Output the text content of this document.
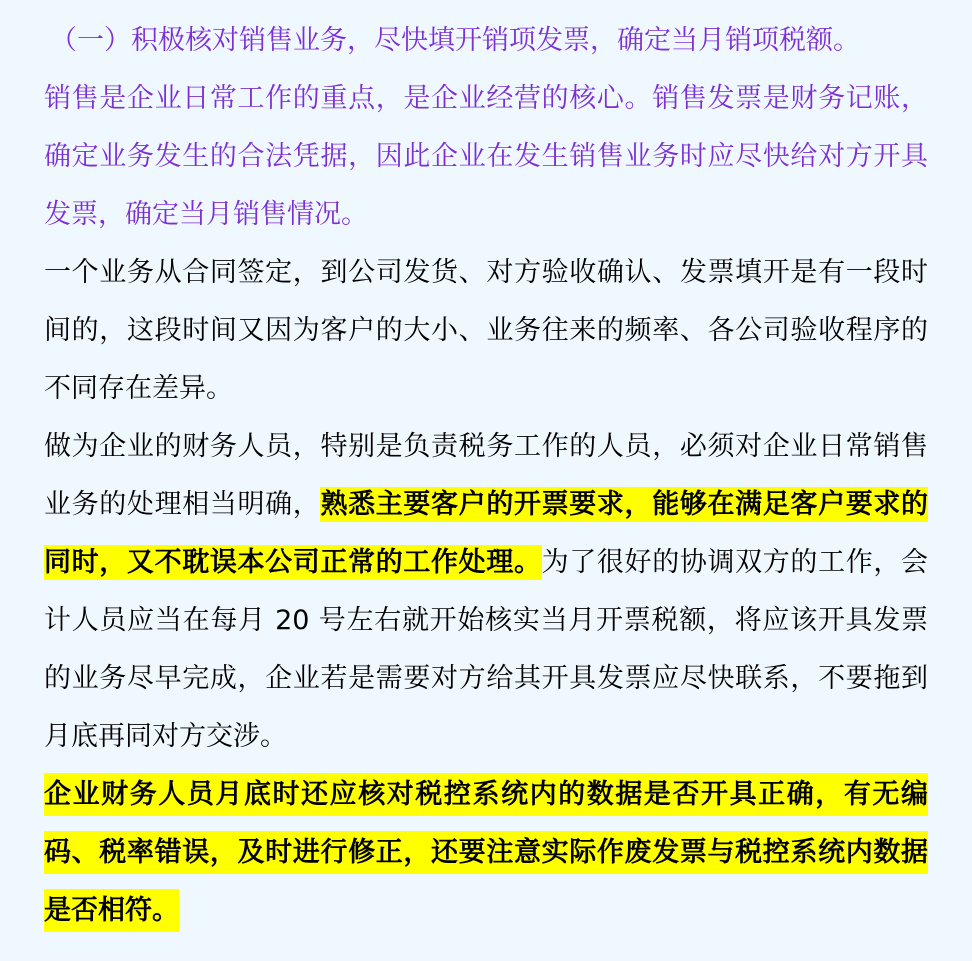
（一）积极核对销售业务，尽快填开销项发票，确定当月销项税额。

销售是企业日常工作的重点，是企业经营的核心。销售发票是财务记账，确定业务发生的合法凭据，因此企业在发生销售业务时应尽快给对方开具发票，确定当月销售情况。

一个业务从合同签定，到公司发货、对方验收确认、发票填开是有一段时间的，这段时间又因为客户的大小、业务往来的频率、各公司验收程序的不同存在差异。

做为企业的财务人员，特别是负责税务工作的人员，必须对企业日常销售业务的处理相当明确，熟悉主要客户的开票要求，能够在满足客户要求的同时，又不耽误本公司正常的工作处理。为了很好的协调双方的工作，会计人员应当在每月 20 号左右就开始核实当月开票税额，将应该开具发票的业务尽早完成，企业若是需要对方给其开具发票应尽快联系，不要拖到月底再同对方交涉。

企业财务人员月底时还应核对税控系统内的数据是否开具正确，有无编码、税率错误，及时进行修正，还要注意实际作废发票与税控系统内数据是否相符。
